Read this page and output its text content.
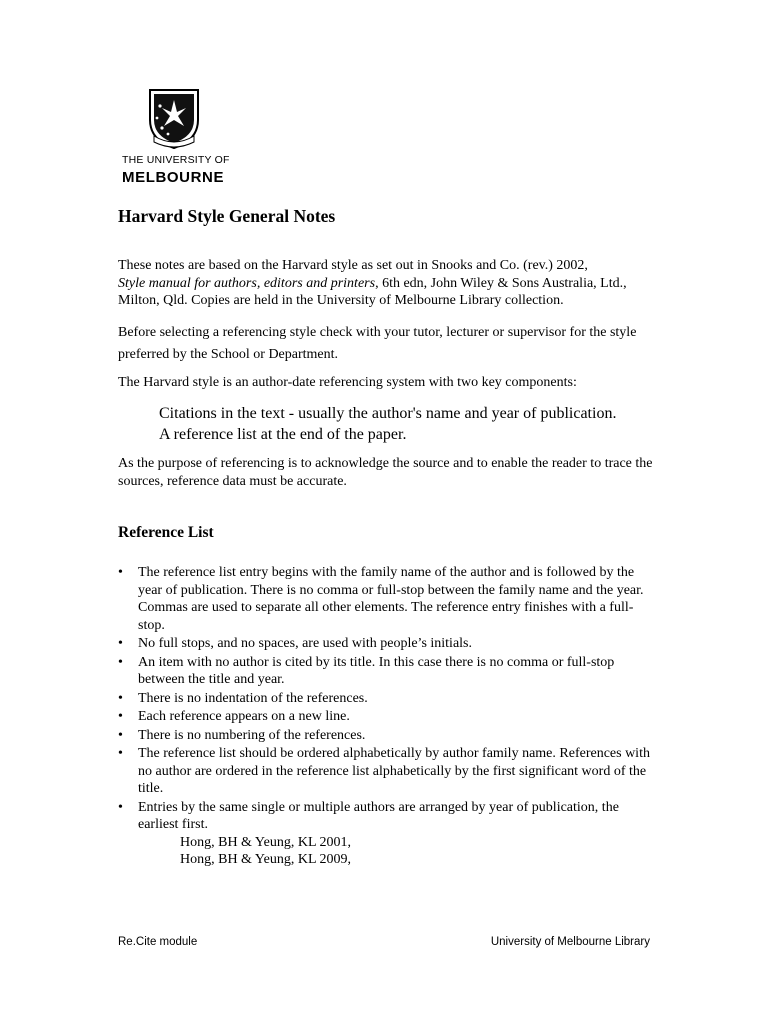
THE UNIVERSITY OF
MELBOURNE
Harvard Style General Notes

These notes are based on the Harvard style as set out in Snooks and Co. (rev.) 2002,
Style manual for authors, editors and printers, 6th edn, John Wiley & Sons Australia, Ltd., Milton, Qld. Copies are held in the University of Melbourne Library collection.

Before selecting a referencing style check with your tutor, lecturer or supervisor for the style preferred by the School or Department.

The Harvard style is an author-date referencing system with two key components:

Citations in the text - usually the author's name and year of publication.
A reference list at the end of the paper.

As the purpose of referencing is to acknowledge the source and to enable the reader to trace the sources, reference data must be accurate.

Reference List
• The reference list entry begins with the family name of the author and is followed by the year of publication. There is no comma or full-stop between the family name and the year. Commas are used to separate all other elements. The reference entry finishes with a full-stop.
• No full stops, and no spaces, are used with people’s initials.
• An item with no author is cited by its title. In this case there is no comma or full-stop between the title and year.
• There is no indentation of the references.
• Each reference appears on a new line.
• There is no numbering of the references.
• The reference list should be ordered alphabetically by author family name. References with no author are ordered in the reference list alphabetically by the first significant word of the title.
• Entries by the same single or multiple authors are arranged by year of publication, the earliest first.
Hong, BH & Yeung, KL 2001,
Hong, BH & Yeung, KL 2009,
Re.Cite module	University of Melbourne Library
